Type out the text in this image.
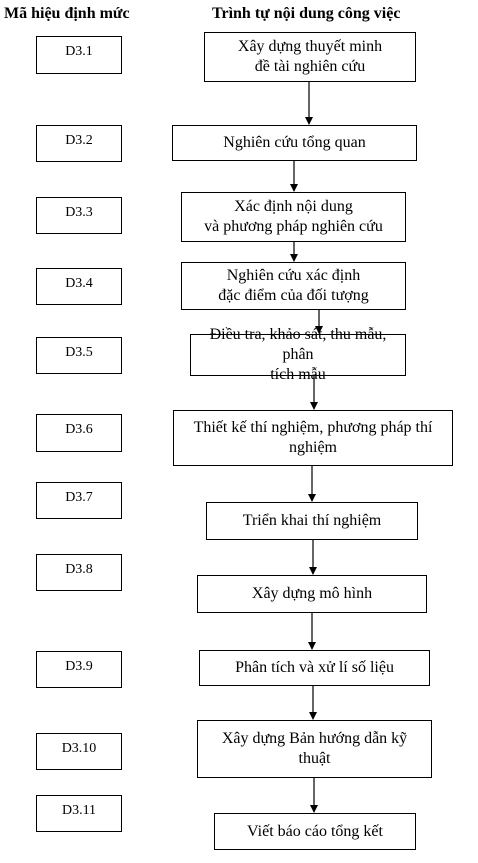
Mã hiệu định mức	Trình tự nội dung công việc
D3.1
D3.2
D3.3
D3.4
D3.5
D3.6
D3.7
D3.8
D3.9
D3.10
D3.11
Xây dựng thuyết minh
đề tài nghiên cứu
Nghiên cứu tổng quan
Xác định nội dung
và phương pháp nghiên cứu
Nghiên cứu xác định
đặc điểm của đối tượng
Điều tra, khảo sát, thu mẫu, phân
tích mẫu
Thiết kế thí nghiệm, phương pháp thí
nghiệm
Triển khai thí nghiệm
Xây dựng mô hình
Phân tích và xử lí số liệu
Xây dựng Bản hướng dẫn kỹ
thuật
Viết báo cáo tổng kết
